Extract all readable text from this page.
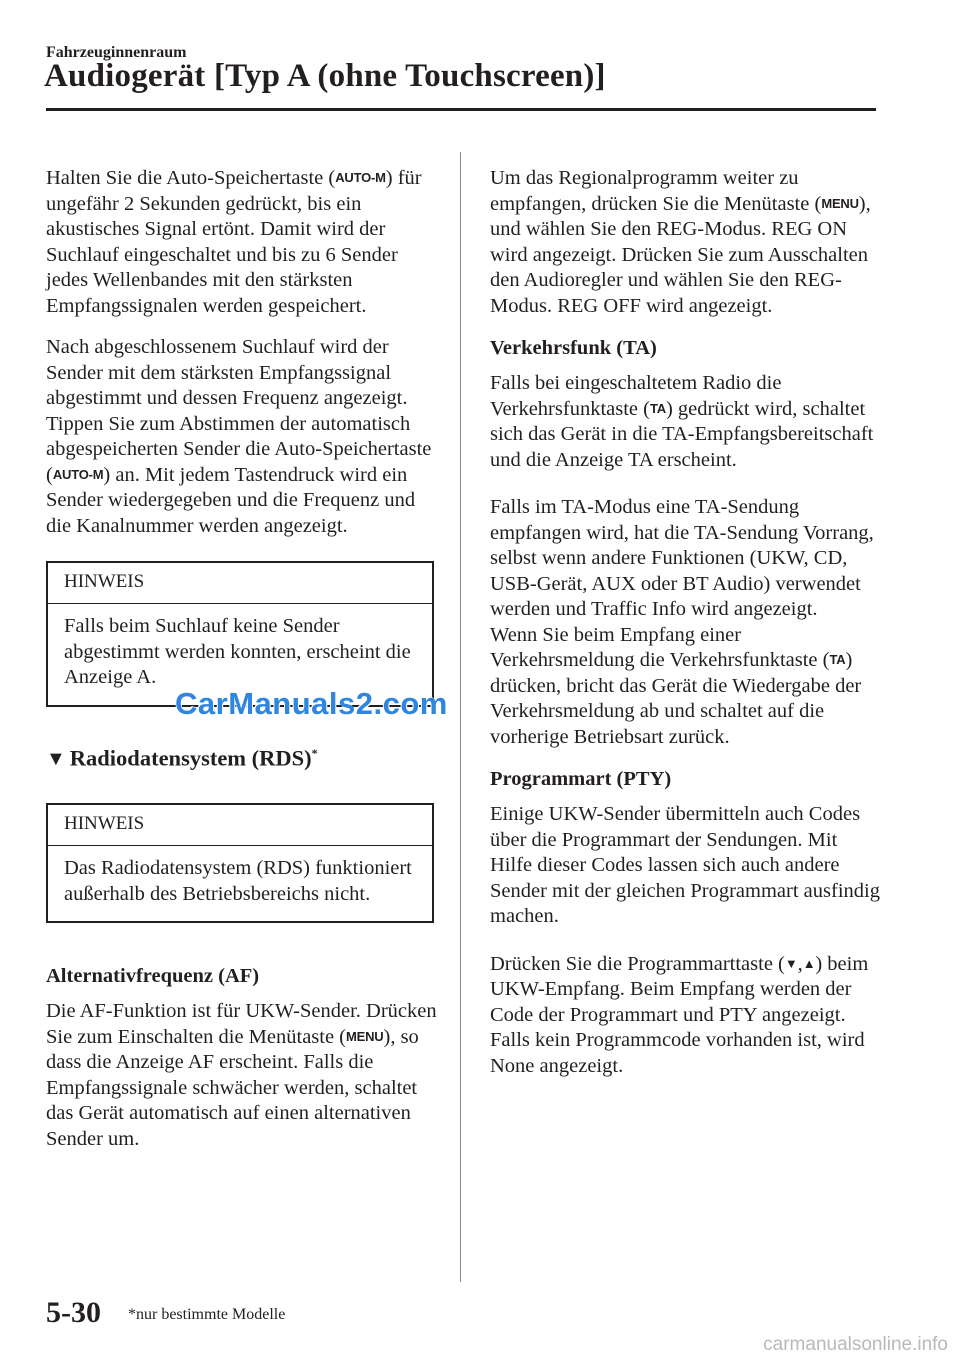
Fahrzeuginnenraum
Audiogerät [Typ A (ohne Touchscreen)]

Halten Sie die Auto-Speichertaste (AUTO-M) für ungefähr 2 Sekunden gedrückt, bis ein akustisches Signal ertönt. Damit wird der Suchlauf eingeschaltet und bis zu 6 Sender jedes Wellenbandes mit den stärksten Empfangssignalen werden gespeichert.

Nach abgeschlossenem Suchlauf wird der Sender mit dem stärksten Empfangssignal abgestimmt und dessen Frequenz angezeigt. Tippen Sie zum Abstimmen der automatisch abgespeicherten Sender die Auto-Speichertaste (AUTO-M) an. Mit jedem Tastendruck wird ein Sender wiedergegeben und die Frequenz und die Kanalnummer werden angezeigt.

HINWEIS
Falls beim Suchlauf keine Sender abgestimmt werden konnten, erscheint die Anzeige A.
▼ Radiodatensystem (RDS)*
HINWEIS
Das Radiodatensystem (RDS) funktioniert außerhalb des Betriebsbereichs nicht.
Alternativfrequenz (AF)

Die AF-Funktion ist für UKW-Sender. Drücken Sie zum Einschalten die Menütaste (MENU), so dass die Anzeige AF erscheint. Falls die Empfangssignale schwächer werden, schaltet das Gerät automatisch auf einen alternativen Sender um.

Um das Regionalprogramm weiter zu empfangen, drücken Sie die Menütaste (MENU), und wählen Sie den REG-Modus. REG ON wird angezeigt. Drücken Sie zum Ausschalten den Audioregler und wählen Sie den REG-Modus. REG OFF wird angezeigt.

Verkehrsfunk (TA)

Falls bei eingeschaltetem Radio die Verkehrsfunktaste (TA) gedrückt wird, schaltet sich das Gerät in die TA-Empfangsbereitschaft und die Anzeige TA erscheint.

Falls im TA-Modus eine TA-Sendung empfangen wird, hat die TA-Sendung Vorrang, selbst wenn andere Funktionen (UKW, CD, USB-Gerät, AUX oder BT Audio) verwendet werden und Traffic Info wird angezeigt.
Wenn Sie beim Empfang einer Verkehrsmeldung die Verkehrsfunktaste (TA) drücken, bricht das Gerät die Wiedergabe der Verkehrsmeldung ab und schaltet auf die vorherige Betriebsart zurück.

Programmart (PTY)

Einige UKW-Sender übermitteln auch Codes über die Programmart der Sendungen. Mit Hilfe dieser Codes lassen sich auch andere Sender mit der gleichen Programmart ausfindig machen.

Drücken Sie die Programmarttaste (▼,▲) beim UKW-Empfang. Beim Empfang werden der Code der Programmart und PTY angezeigt. Falls kein Programmcode vorhanden ist, wird None angezeigt.

5-30 *nur bestimmte Modelle
CarManuals2.com
carmanualsonline.info
